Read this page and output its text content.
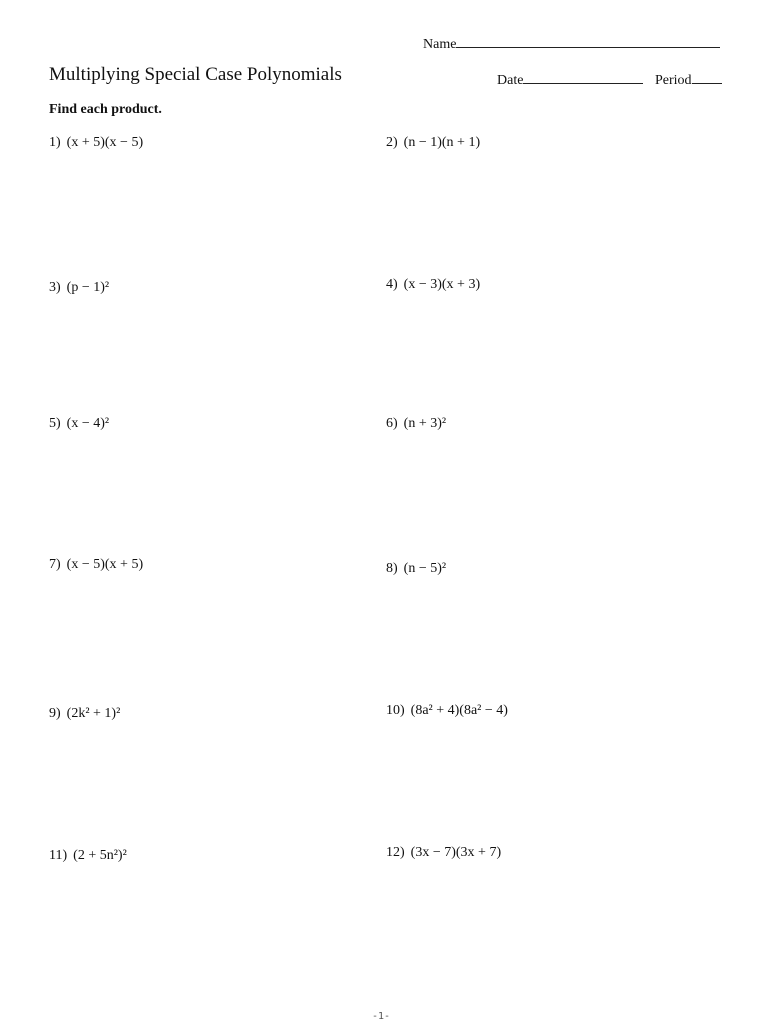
Name
Multiplying Special Case Polynomials	Date	Period
Find each product.
1) (x + 5)(x − 5)	2) (n − 1)(n + 1)
3) (p − 1)²	4) (x − 3)(x + 3)
5) (x − 4)²	6) (n + 3)²
7) (x − 5)(x + 5)	8) (n − 5)²
9) (2k² + 1)²	10) (8a² + 4)(8a² − 4)
11) (2 + 5n²)²	12) (3x − 7)(3x + 7)
-1-
